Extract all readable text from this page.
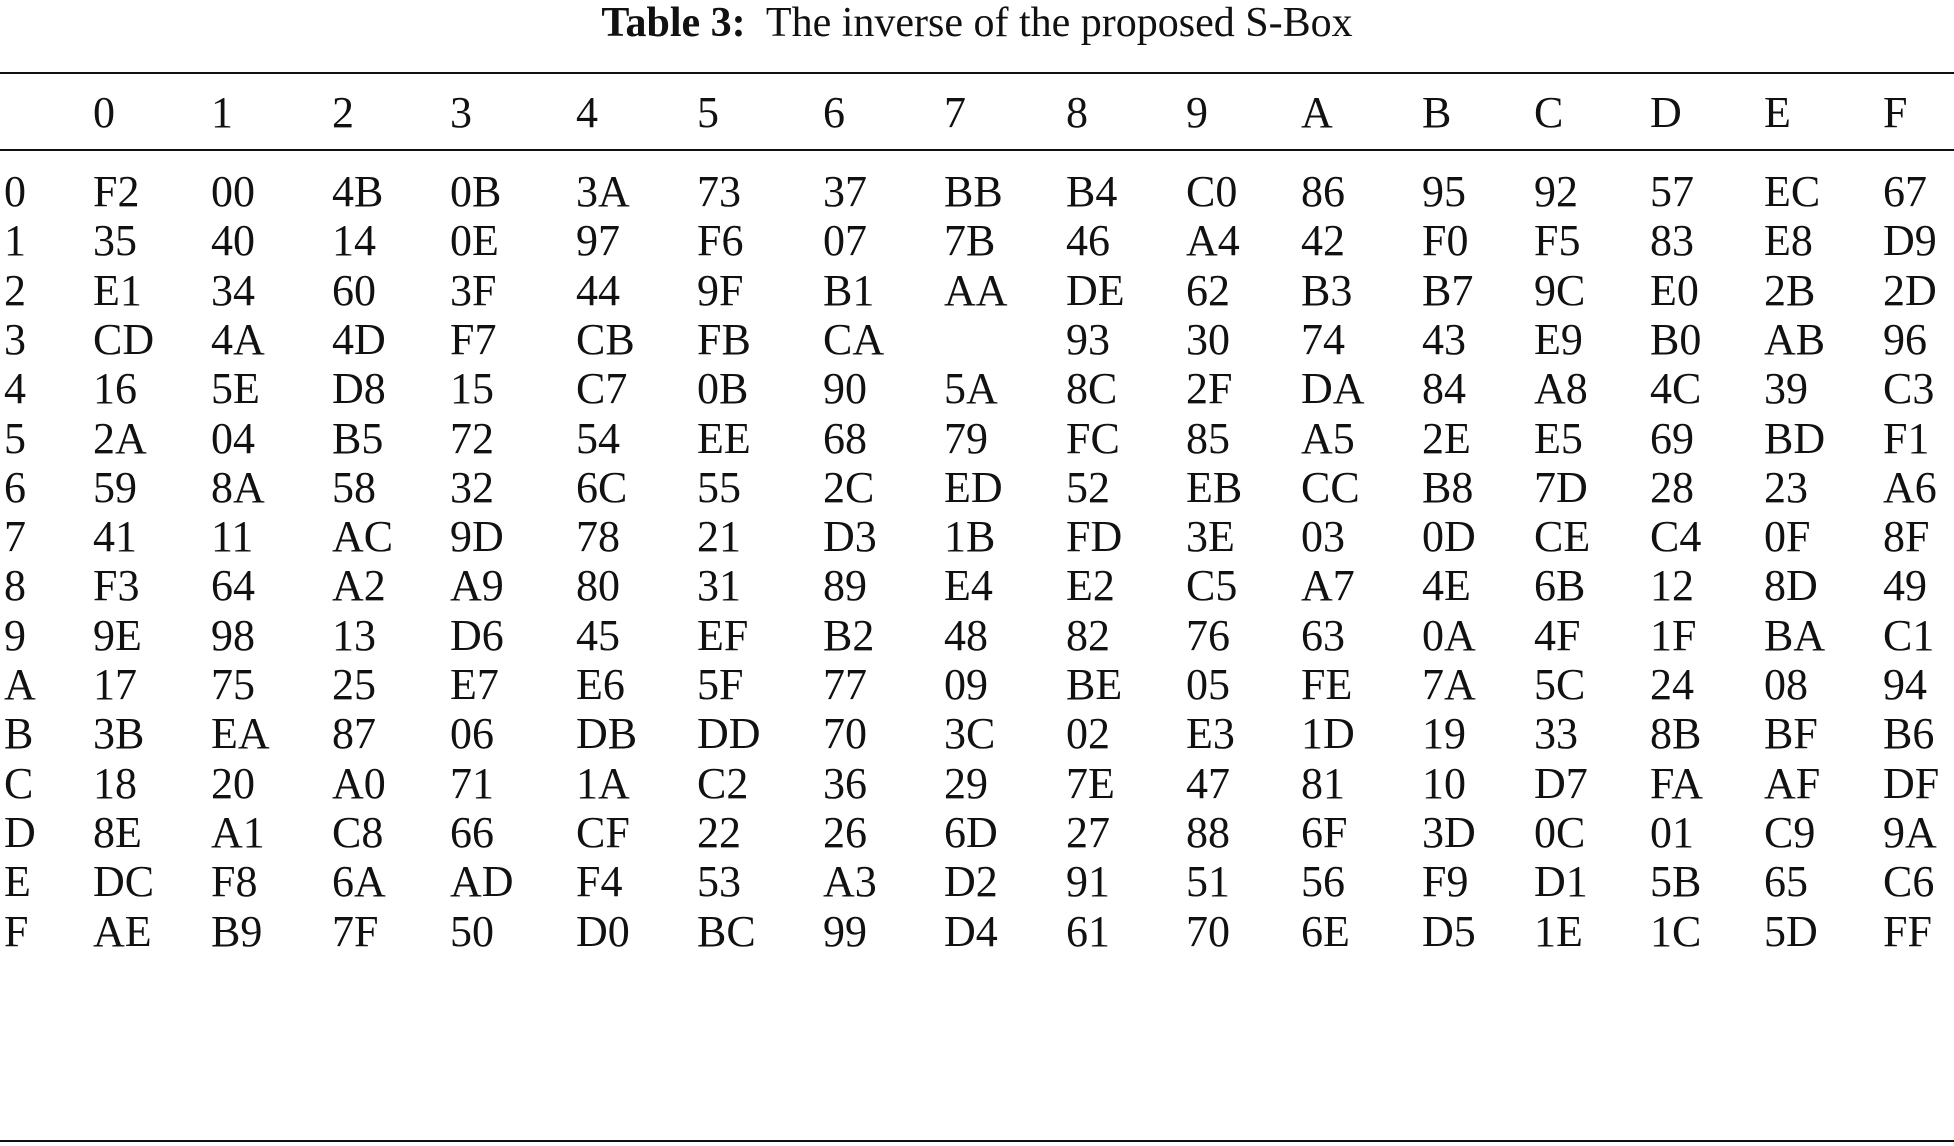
Table 3: The inverse of the proposed S-Box
0 1 2 3 4 5 6 7 8 9 A B C D E F
0 F2 00 4B 0B 3A 73 37 BB B4 C0 86 95 92 57 EC 67
1 35 40 14 0E 97 F6 07 7B 46 A4 42 F0 F5 83 E8 D9
2 E1 34 60 3F 44 9F B1 AA DE 62 B3 B7 9C E0 2B 2D
3 CD 4A 4D F7 CB FB CA	93 30 74 43 E9 B0 AB 96
4 16 5E D8 15 C7 0B 90 5A 8C 2F DA 84 A8 4C 39 C3
5 2A 04 B5 72 54 EE 68 79 FC 85 A5 2E E5 69 BD F1
6 59 8A 58 32 6C 55 2C ED 52 EB CC B8 7D 28 23 A6
7 41 11 AC 9D 78 21 D3 1B FD 3E 03 0D CE C4 0F 8F
8 F3 64 A2 A9 80 31 89 E4 E2 C5 A7 4E 6B 12 8D 49
9 9E 98 13 D6 45 EF B2 48 82 76 63 0A 4F 1F BA C1
A 17 75 25 E7 E6 5F 77 09 BE 05 FE 7A 5C 24 08 94
B 3B EA 87 06 DB DD 70 3C 02 E3 1D 19 33 8B BF B6
C 18 20 A0 71 1A C2 36 29 7E 47 81 10 D7 FA AF DF
D 8E A1 C8 66 CF 22 26 6D 27 88 6F 3D 0C 01 C9 9A
E DC F8 6A AD F4 53 A3 D2 91 51 56 F9 D1 5B 65 C6
F AE B9 7F 50 D0 BC 99 D4 61 70 6E D5 1E 1C 5D FF
